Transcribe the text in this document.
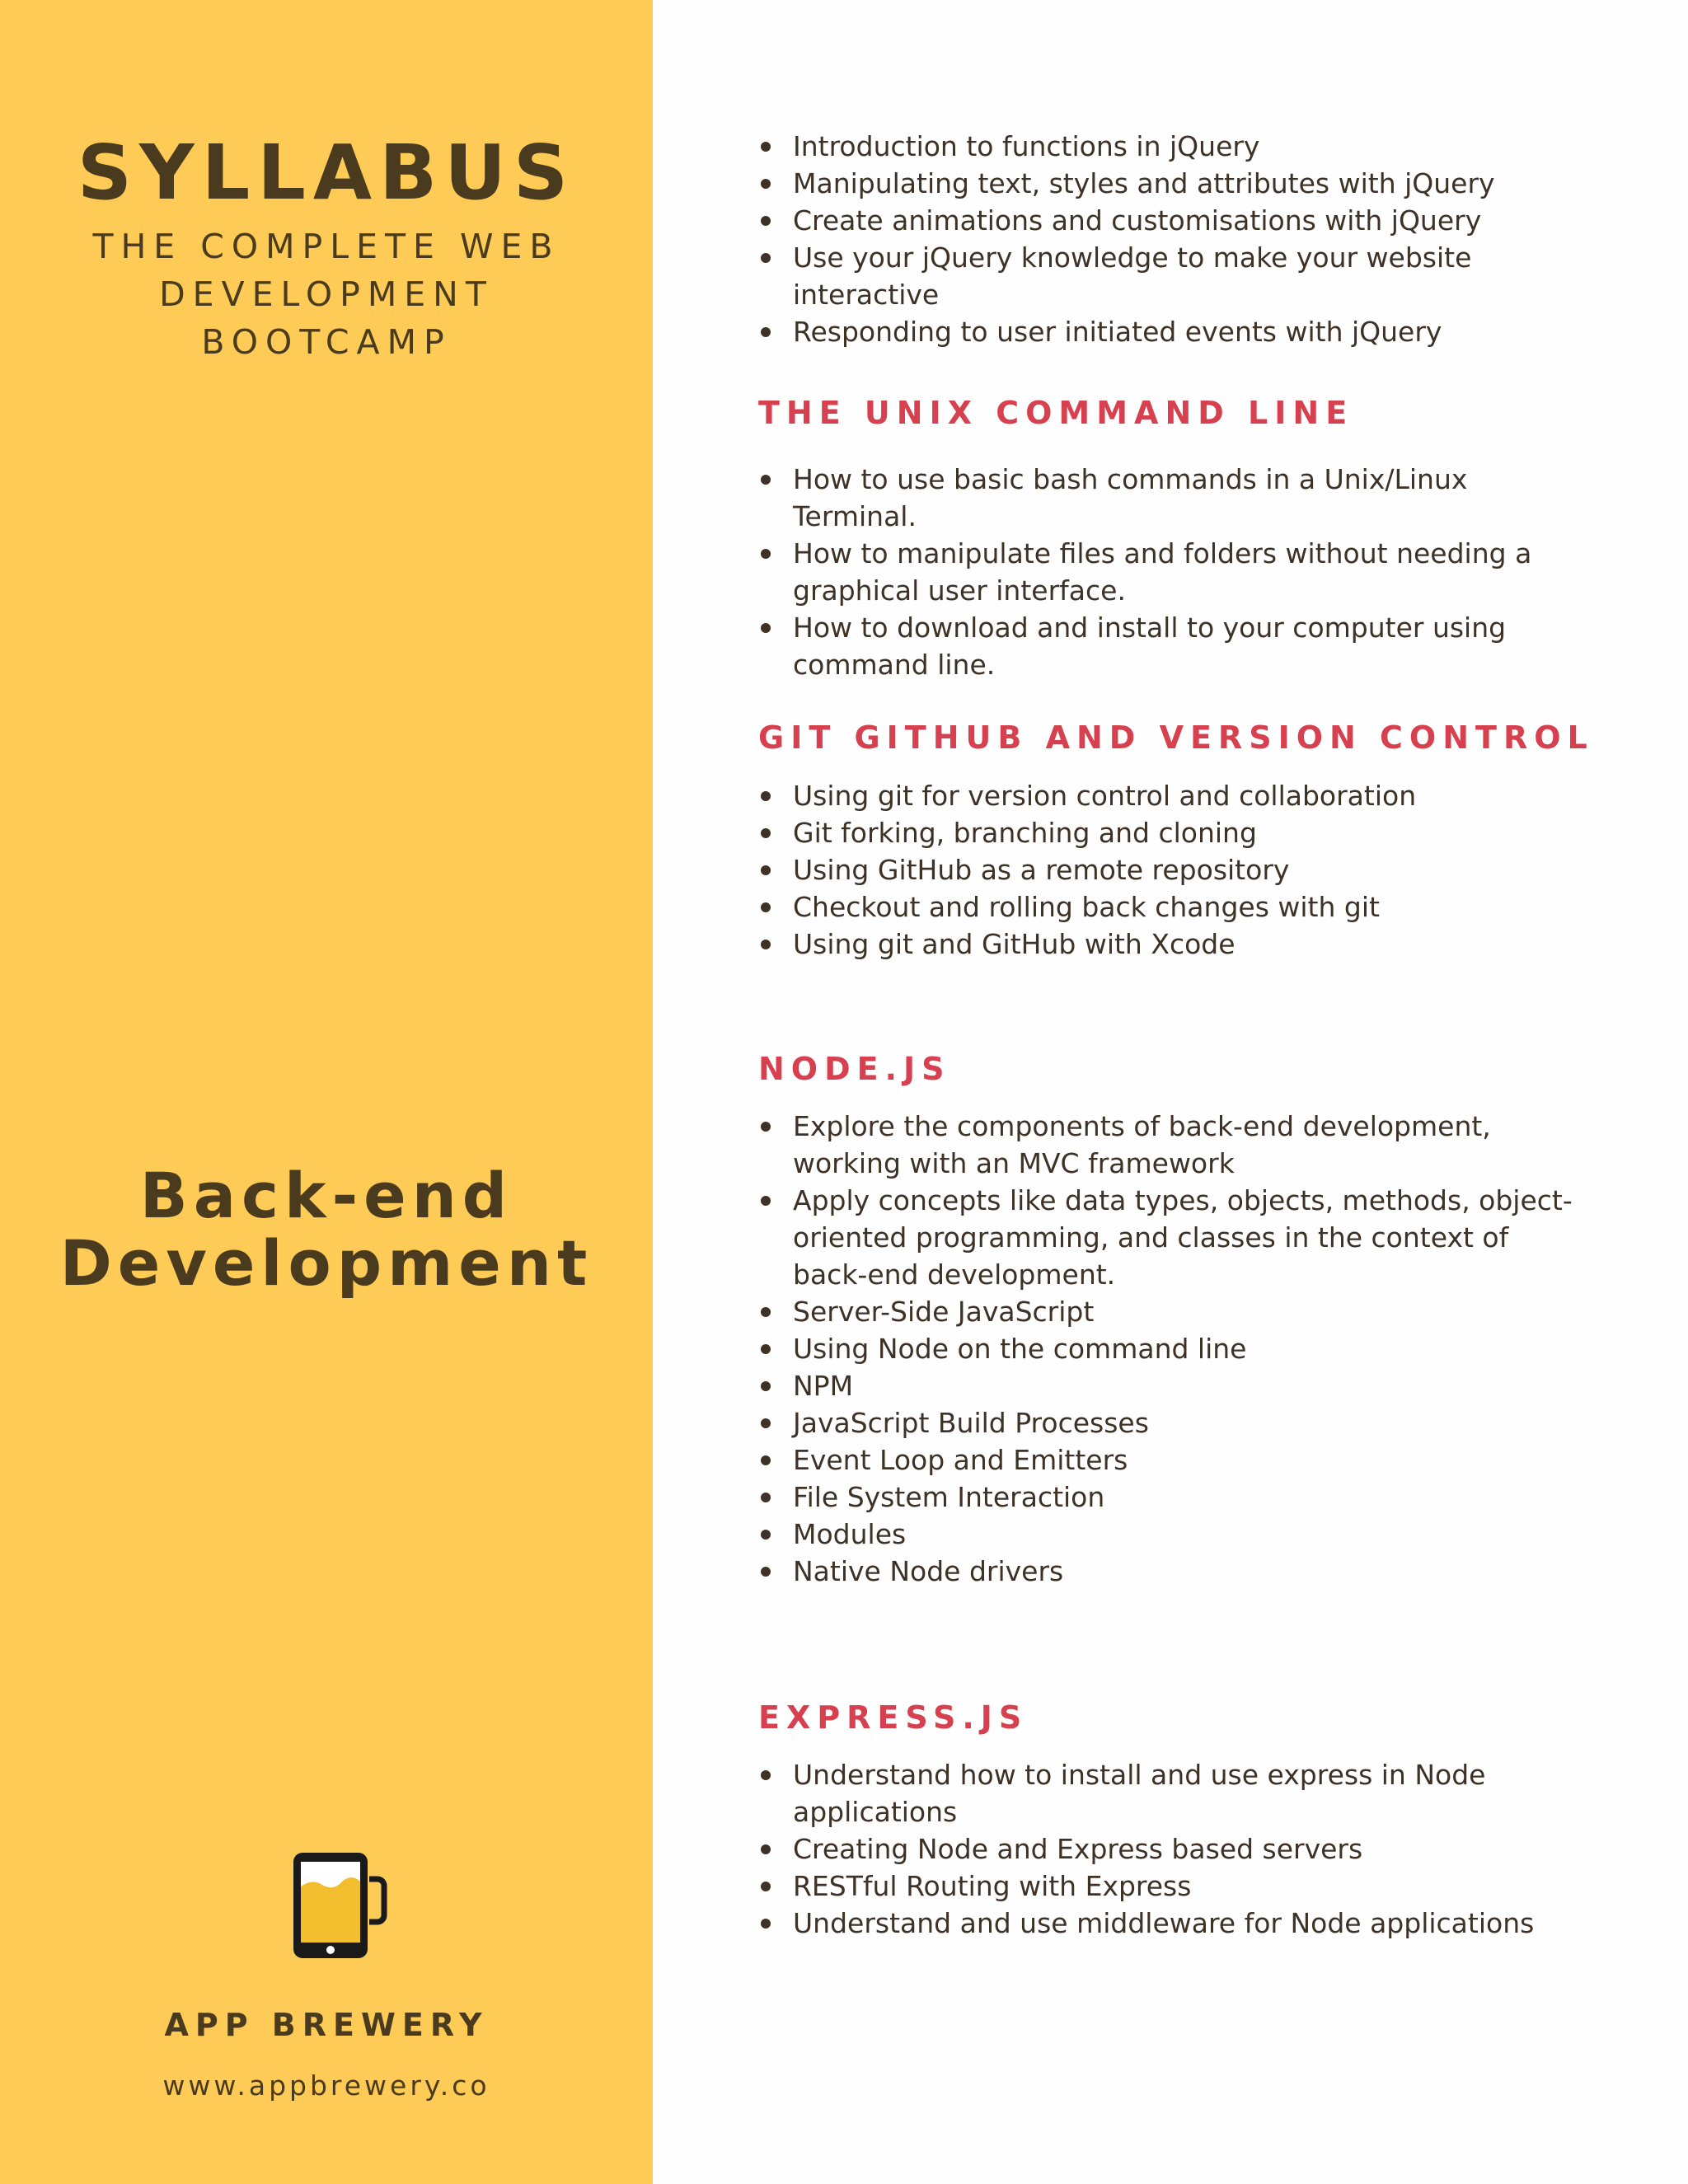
SYLLABUS
THE COMPLETE WEB
DEVELOPMENT
BOOTCAMP
Back-end
Development
APP BREWERY
www.appbrewery.co
Introduction to functions in jQuery
Manipulating text, styles and attributes with jQuery
Create animations and customisations with jQuery
Use your jQuery knowledge to make your website interactive
Responding to user initiated events with jQuery
THE UNIX COMMAND LINE
How to use basic bash commands in a Unix/Linux Terminal.
How to manipulate files and folders without needing a graphical user interface.
How to download and install to your computer using command line.
GIT GITHUB AND VERSION CONTROL
Using git for version control and collaboration
Git forking, branching and cloning
Using GitHub as a remote repository
Checkout and rolling back changes with git
Using git and GitHub with Xcode
NODE.JS
Explore the components of back-end development, working with an MVC framework
Apply concepts like data types, objects, methods, object-oriented programming, and classes in the context of back-end development.
Server-Side JavaScript
Using Node on the command line
NPM
JavaScript Build Processes
Event Loop and Emitters
File System Interaction
Modules
Native Node drivers
EXPRESS.JS
Understand how to install and use express in Node applications
Creating Node and Express based servers
RESTful Routing with Express
Understand and use middleware for Node applications
